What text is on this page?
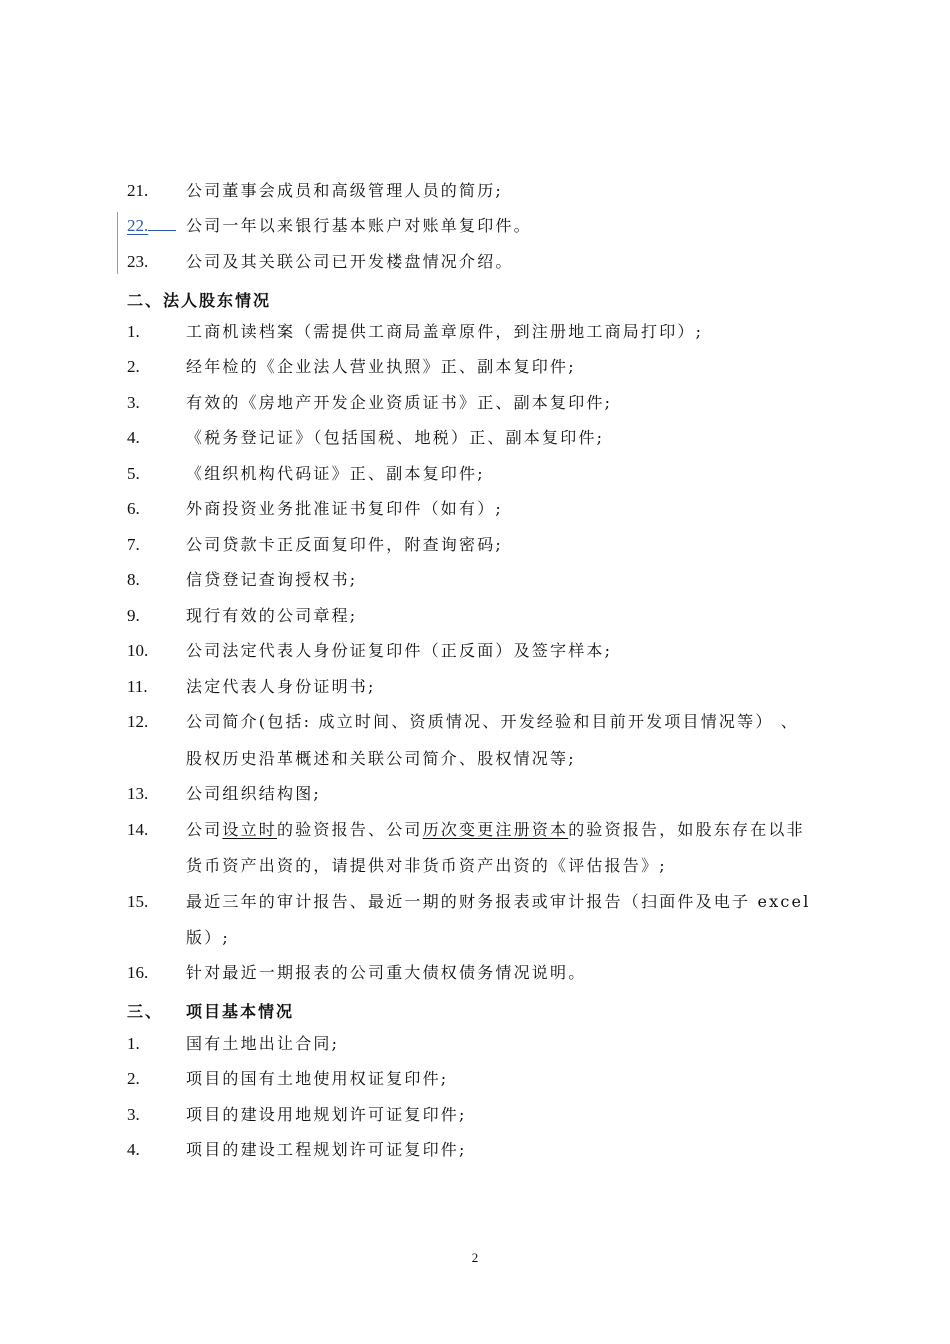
21. 公司董事会成员和高级管理人员的简历;
22.	公司一年以来银行基本账户对账单复印件。
23. 公司及其关联公司已开发楼盘情况介绍。
二、法人股东情况
1.	工商机读档案（需提供工商局盖章原件，到注册地工商局打印）;
2.	经年检的《企业法人营业执照》正、副本复印件;
3.	有效的《房地产开发企业资质证书》正、副本复印件;
4.	《税务登记证》（包括国税、地税）正、副本复印件;
5.	《组织机构代码证》正、副本复印件;
6.	外商投资业务批准证书复印件（如有）;
7.	公司贷款卡正反面复印件，附查询密码;
8.	信贷登记查询授权书;
9.	现行有效的公司章程;
10. 公司法定代表人身份证复印件（正反面）及签字样本;
11. 法定代表人身份证明书;
12. 公司简介(包括: 成立时间、资质情况、开发经验和目前开发项目情况等） 、
股权历史沿革概述和关联公司简介、股权情况等;
13. 公司组织结构图;
14. 公司设立时的验资报告、公司历次变更注册资本的验资报告，如股东存在以非
货币资产出资的，请提供对非货币资产出资的《评估报告》;
15. 最近三年的审计报告、最近一期的财务报表或审计报告（扫面件及电子 excel
版）;
16. 针对最近一期报表的公司重大债权债务情况说明。
三、 项目基本情况
1.	国有土地出让合同;
2.	项目的国有土地使用权证复印件;
3.	项目的建设用地规划许可证复印件;
4.	项目的建设工程规划许可证复印件;
2
